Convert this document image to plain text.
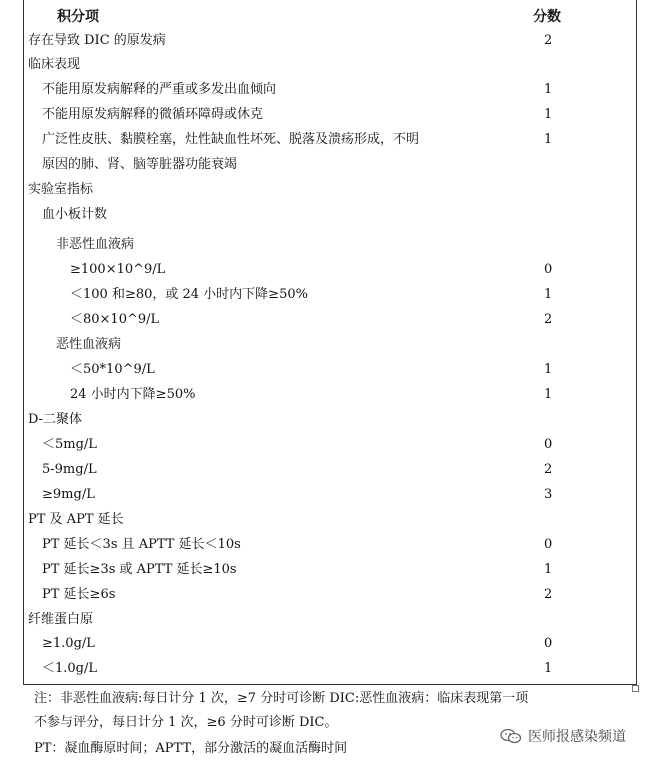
积分项	分数
存在导致 DIC 的原发病	2
临床表现
不能用原发病解释的严重或多发出血倾向	1
不能用原发病解释的微循环障碍或休克	1
广泛性皮肤、黏膜栓塞，灶性缺血性坏死、脱落及溃疡形成，不明	1
原因的肺、肾、脑等脏器功能衰竭
实验室指标
血小板计数
非恶性血液病
≥100×10^9/L	0
＜100 和≥80，或 24 小时内下降≥50%	1
＜80×10^9/L	2
恶性血液病
＜50*10^9/L	1
24 小时内下降≥50%	1
D-二聚体
＜5mg/L	0
5-9mg/L	2
≥9mg/L	3
PT 及 APT 延长
PT 延长＜3s 且 APTT 延长＜10s	0
PT 延长≥3s 或 APTT 延长≥10s	1
PT 延长≥6s	2
纤维蛋白原
≥1.0g/L	0
＜1.0g/L	1
注：非恶性血液病:每日计分 1 次，≥7 分时可诊断 DIC:恶性血液病：临床表现第一项
不参与评分，每日计分 1 次，≥6 分时可诊断 DIC。
PT：凝血酶原时间；APTT，部分激活的凝血活酶时间
医师报感染频道
